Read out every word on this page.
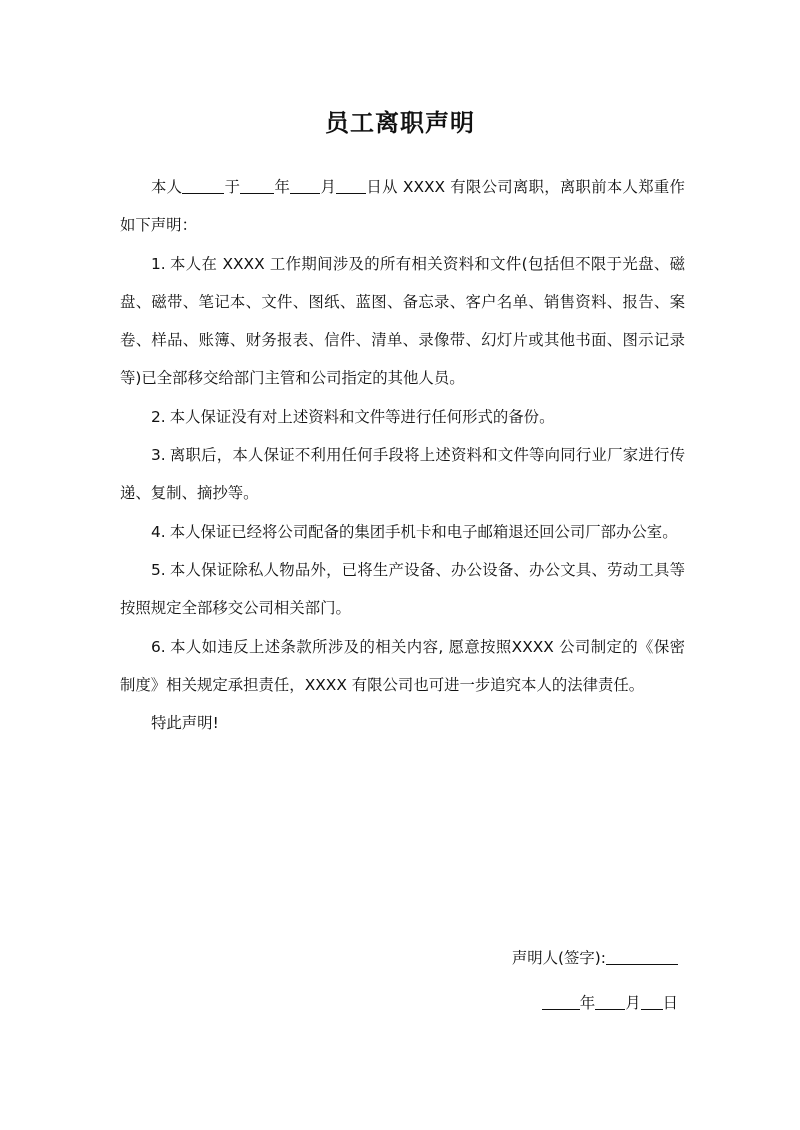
员工离职声明

本人	于 年 月 日从 XXXX 有限公司离职，离职前本人郑重作如下声明：

1. 本人在 XXXX 工作期间涉及的所有相关资料和文件(包括但不限于光盘、磁盘、磁带、笔记本、文件、图纸、蓝图、备忘录、客户名单、销售资料、报告、案卷、样品、账簿、财务报表、信件、清单、录像带、幻灯片或其他书面、图示记录等)已全部移交给部门主管和公司指定的其他人员。

2. 本人保证没有对上述资料和文件等进行任何形式的备份。

3. 离职后，本人保证不利用任何手段将上述资料和文件等向同行业厂家进行传递、复制、摘抄等。

4. 本人保证已经将公司配备的集团手机卡和电子邮箱退还回公司厂部办公室。

5. 本人保证除私人物品外，已将生产设备、办公设备、办公文具、劳动工具等按照规定全部移交公司相关部门。

6. 本人如违反上述条款所涉及的相关内容, 愿意按照XXXX 公司制定的《保密制度》相关规定承担责任，XXXX 有限公司也可进一步追究本人的法律责任。

特此声明!

声明人(签字):
年 月 日
